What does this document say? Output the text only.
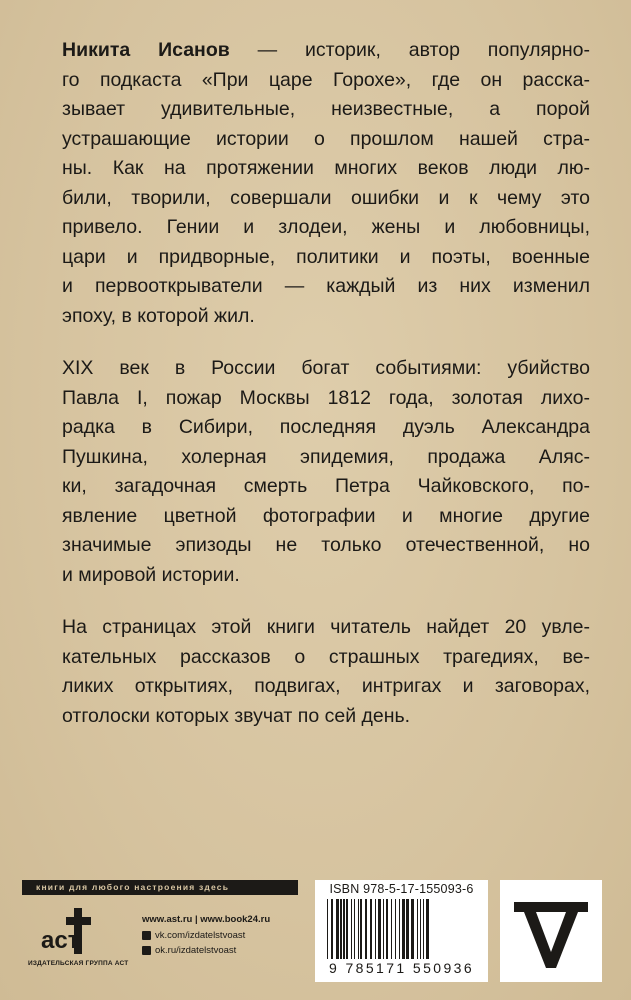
Никита Исанов — историк, автор популярно-
го подкаста «При царе Горохе», где он расска-
зывает удивительные, неизвестные, а порой
устрашающие истории о прошлом нашей стра-
ны. Как на протяжении многих веков люди лю-
били, творили, совершали ошибки и к чему это
привело. Гении и злодеи, жены и любовницы,
цари и придворные, политики и поэты, военные
и первооткрыватели — каждый из них изменил
эпоху, в которой жил.

XIX век в России богат событиями: убийство
Павла I, пожар Москвы 1812 года, золотая лихо-
радка в Сибири, последняя дуэль Александра
Пушкина, холерная эпидемия, продажа Аляс-
ки, загадочная смерть Петра Чайковского, по-
явление цветной фотографии и многие другие
значимые эпизоды не только отечественной, но
и мировой истории.

На страницах этой книги читатель найдет 20 увле-
кательных рассказов о страшных трагедиях, ве-
ликих открытиях, подвигах, интригах и заговорах,
отголоски которых звучат по сей день.

книги для любого настроения здесь
аст
ИЗДАТЕЛЬСКАЯ ГРУППА АСТ
www.ast.ru | www.book24.ru
vk.com/izdatelstvoast
ok.ru/izdatelstvoast
ISBN 978-5-17-155093-6
9 785171 550936
